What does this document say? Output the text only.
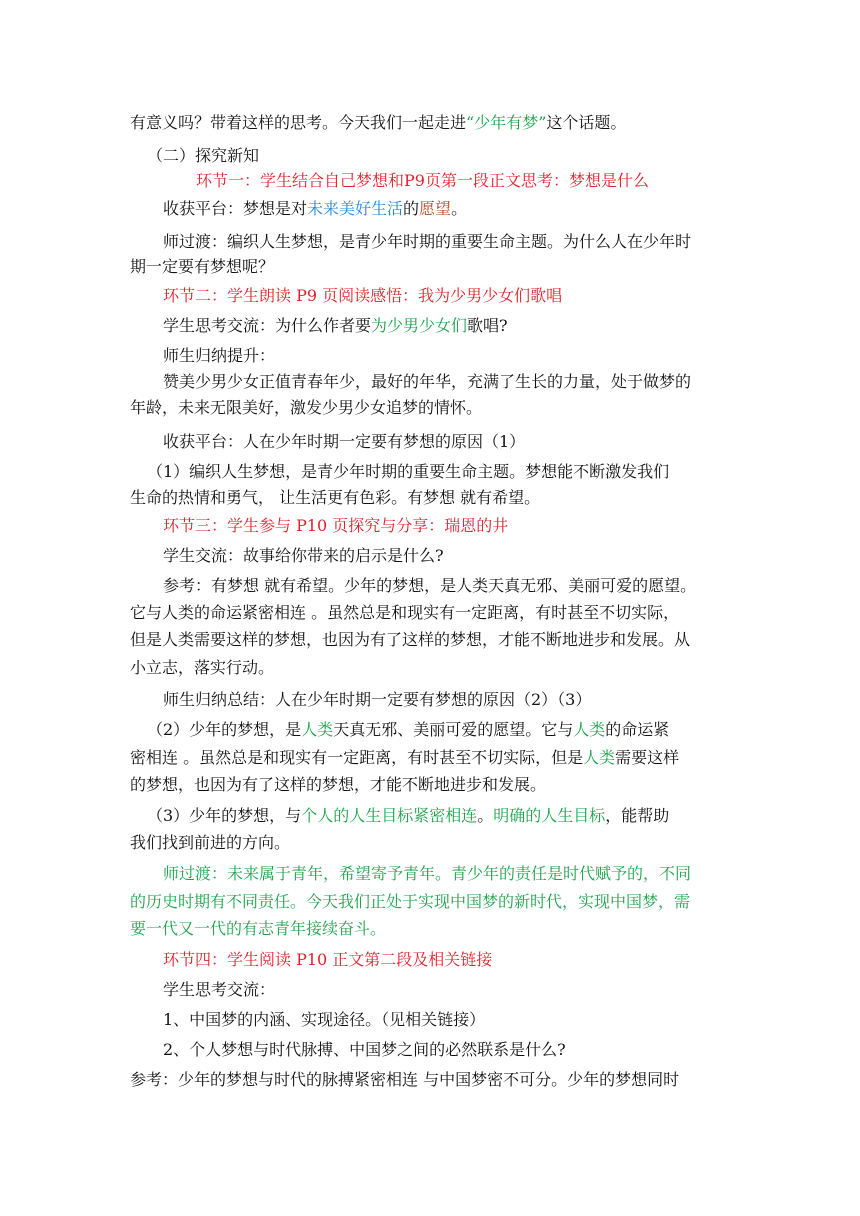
有意义吗？带着这样的思考。今天我们一起走进“少年有梦”这个话题。
（二）探究新知
环节一：学生结合自己梦想和P9页第一段正文思考：梦想是什么
收获平台：梦想是对未来美好生活的愿望。
师过渡：编织人生梦想，是青少年时期的重要生命主题。为什么人在少年时
期一定要有梦想呢？
环节二：学生朗读 P9 页阅读感悟：我为少男少女们歌唱
学生思考交流：为什么作者要为少男少女们歌唱?
师生归纳提升：
赞美少男少女正值青春年少，最好的年华，充满了生长的力量，处于做梦的
年龄，未来无限美好，激发少男少女追梦的情怀。
收获平台：人在少年时期一定要有梦想的原因（1）
（1）编织人生梦想，是青少年时期的重要生命主题。梦想能不断激发我们
生命的热情和勇气， 让生活更有色彩。有梦想 就有希望。
环节三：学生参与 P10 页探究与分享：瑞恩的井
学生交流：故事给你带来的启示是什么?
参考：有梦想 就有希望。少年的梦想，是人类天真无邪、美丽可爱的愿望。
它与人类的命运紧密相连 。虽然总是和现实有一定距离，有时甚至不切实际，
但是人类需要这样的梦想，也因为有了这样的梦想，才能不断地进步和发展。从
小立志，落实行动。
师生归纳总结：人在少年时期一定要有梦想的原因（2）（3）
（2）少年的梦想，是人类天真无邪、美丽可爱的愿望。它与人类的命运紧
密相连 。虽然总是和现实有一定距离，有时甚至不切实际，但是人类需要这样
的梦想，也因为有了这样的梦想，才能不断地进步和发展。
（3）少年的梦想，与个人的人生目标紧密相连。明确的人生目标，能帮助
我们找到前进的方向。
师过渡：未来属于青年，希望寄予青年。青少年的责任是时代赋予的，不同
的历史时期有不同责任。今天我们正处于实现中国梦的新时代，实现中国梦，需
要一代又一代的有志青年接续奋斗。
环节四：学生阅读 P10 正文第二段及相关链接
学生思考交流：
1、中国梦的内涵、实现途径。（见相关链接）
2、个人梦想与时代脉搏、中国梦之间的必然联系是什么?
参考：少年的梦想与时代的脉搏紧密相连 与中国梦密不可分。少年的梦想同时
